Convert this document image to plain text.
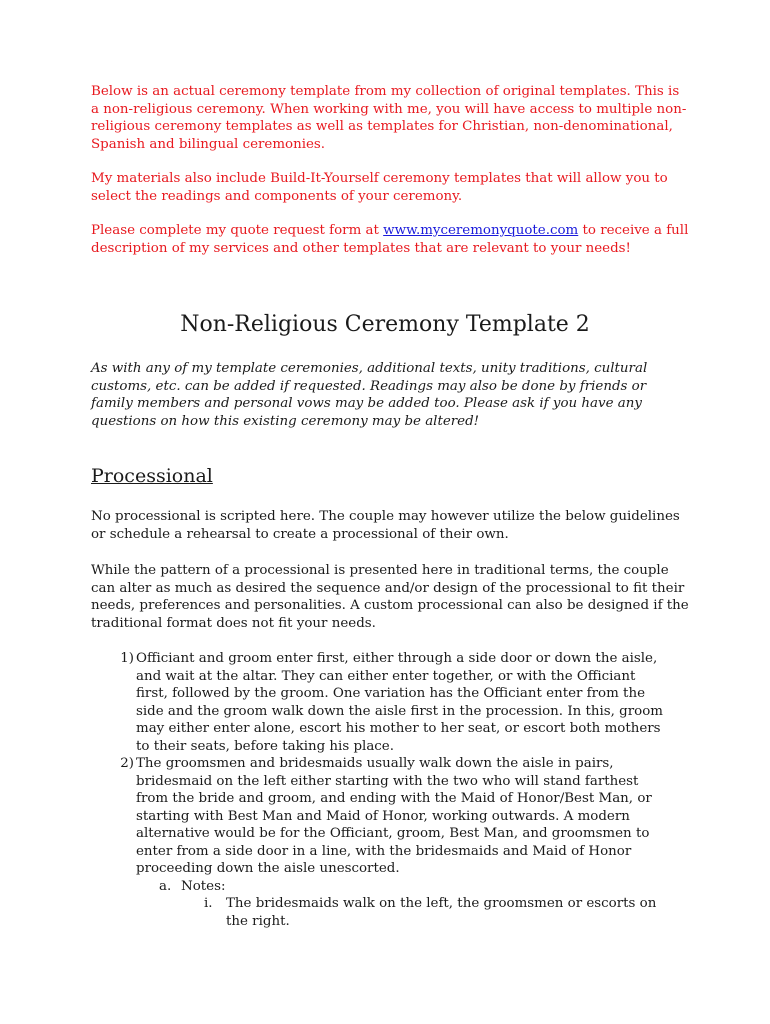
Below is an actual ceremony template from my collection of original templates. This is a non-religious ceremony. When working with me, you will have access to multiple non-religious ceremony templates as well as templates for Christian, non-denominational, Spanish and bilingual ceremonies.

My materials also include Build-It-Yourself ceremony templates that will allow you to select the readings and components of your ceremony.

Please complete my quote request form at www.myceremonyquote.com to receive a full description of my services and other templates that are relevant to your needs!

Non-Religious Ceremony Template 2

As with any of my template ceremonies, additional texts, unity traditions, cultural customs, etc. can be added if requested. Readings may also be done by friends or family members and personal vows may be added too. Please ask if you have any questions on how this existing ceremony may be altered!

Processional

No processional is scripted here. The couple may however utilize the below guidelines or schedule a rehearsal to create a processional of their own.

While the pattern of a processional is presented here in traditional terms, the couple can alter as much as desired the sequence and/or design of the processional to fit their needs, preferences and personalities. A custom processional can also be designed if the traditional format does not fit your needs.

1) Officiant and groom enter first, either through a side door or down the aisle, and wait at the altar. They can either enter together, or with the Officiant first, followed by the groom. One variation has the Officiant enter from the side and the groom walk down the aisle first in the procession. In this, groom may either enter alone, escort his mother to her seat, or escort both mothers to their seats, before taking his place.
2) The groomsmen and bridesmaids usually walk down the aisle in pairs, bridesmaid on the left either starting with the two who will stand farthest from the bride and groom, and ending with the Maid of Honor/Best Man, or starting with Best Man and Maid of Honor, working outwards. A modern alternative would be for the Officiant, groom, Best Man, and groomsmen to enter from a side door in a line, with the bridesmaids and Maid of Honor proceeding down the aisle unescorted.
a. Notes:
i.	The bridesmaids walk on the left, the groomsmen or escorts on the right.
